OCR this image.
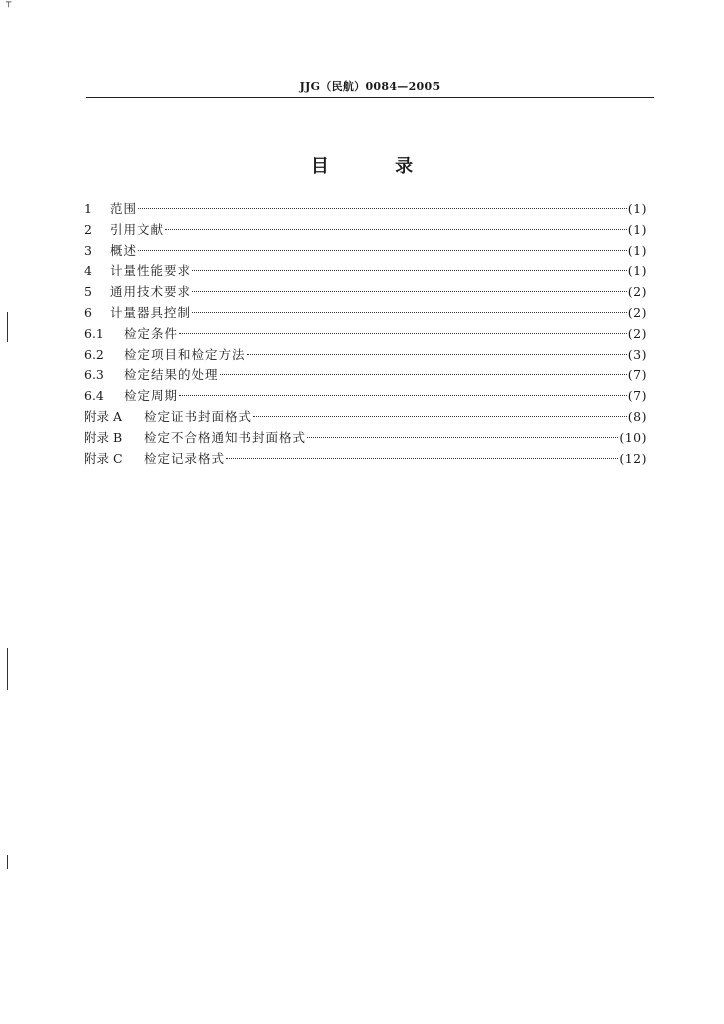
┬
JJG（民航）0084—2005
目 录
1	范围	(1)
2	引用文献	(1)
3	概述	(1)
4	计量性能要求	(1)
5	通用技术要求	(2)
6	计量器具控制	(2)
6.1	检定条件	(2)
6.2	检定项目和检定方法	(3)
6.3	检定结果的处理	(7)
6.4	检定周期	(7)
附录 A	检定证书封面格式	(8)
附录 B	检定不合格通知书封面格式	(10)
附录 C	检定记录格式	(12)
